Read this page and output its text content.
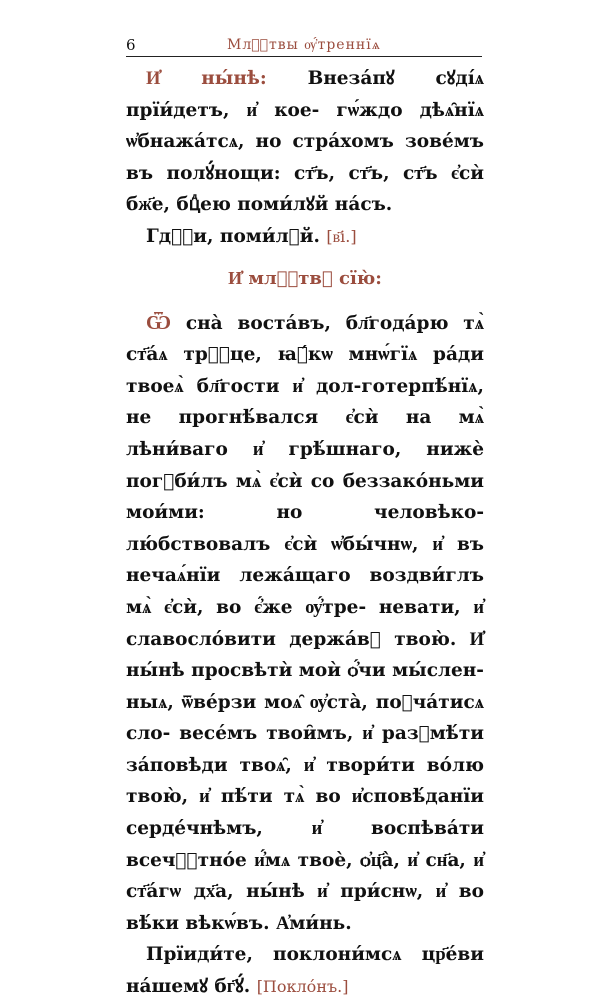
6	Млⷭ҇твы ѹ҆́треннїѧ

И҆ ны́нѣ: Внеза́пꙋ сꙋді́ѧ прїи́детъ, и҆ кое- гѡ́ждо дѣѧ̑нїѧ ѡ҆бнажа́тсѧ, но стра́хомъ зове́мъ въ полꙋ́нощи: ст҃ъ, ст҃ъ, ст҃ъ є҆сѝ бж҃е, бцⷣею поми́лꙋй на́съ.

Гдⷭ҇и, поми́лꙋй. [в҃і.]

И҆ млⷭ҇твꙋ сїю̀:

Ѿ сна̀ воста́въ, бл҃года́рю тѧ̀ ст҃а́ѧ трⷪ҇це, ꙗ҆́кѡ мнѡ́гїѧ ра́ди твоеѧ̀ бл҃гости и҆ дол-готерпѣ́нїѧ, не прогнѣ́вался є҆сѝ на мѧ̀ лѣни́ваго и҆ грѣ́шнаго, нижѐ погꙋби́лъ мѧ̀ є҆сѝ со беззако́ньми мои́ми: но человѣко- лю́бствовалъ є҆сѝ ѡ҆бы́чнѡ, и҆ въ нечаѧ́нїи лежа́щаго воздви́глъ мѧ̀ є҆сѝ, во є҆́же ѹ҆́тре- невати, и҆ славосло́вити держа́вꙋ твою̀. И҆ ны́нѣ просвѣтѝ моѝ ѻ҆́чи мы́слен- ныѧ, ѿве́рзи моѧ̑ ѹ҆ста̀, поꙋча́тисѧ сло- весе́мъ твои̑мъ, и҆ разꙋмѣ́ти за́повѣди твоѧ̑, и҆ твори́ти во́лю твою̀, и҆ пѣ́ти тѧ̀ во и҆сповѣ́данїи серде́чнѣмъ, и҆ воспѣва́ти всечⷭ҇тно́е и҆́мѧ твоѐ, ѻ҆ц҃а̀, и҆ сн҃а, и҆ ст҃а́гѡ дх҃а, ны́нѣ и҆ при́снѡ, и҆ во вѣ́ки вѣкѡ́въ. А҆ми́нь.

Прїиди́те, поклони́мсѧ цр҃е́ви на́шемꙋ бг҃ꙋ́. [Покло́нъ.]
